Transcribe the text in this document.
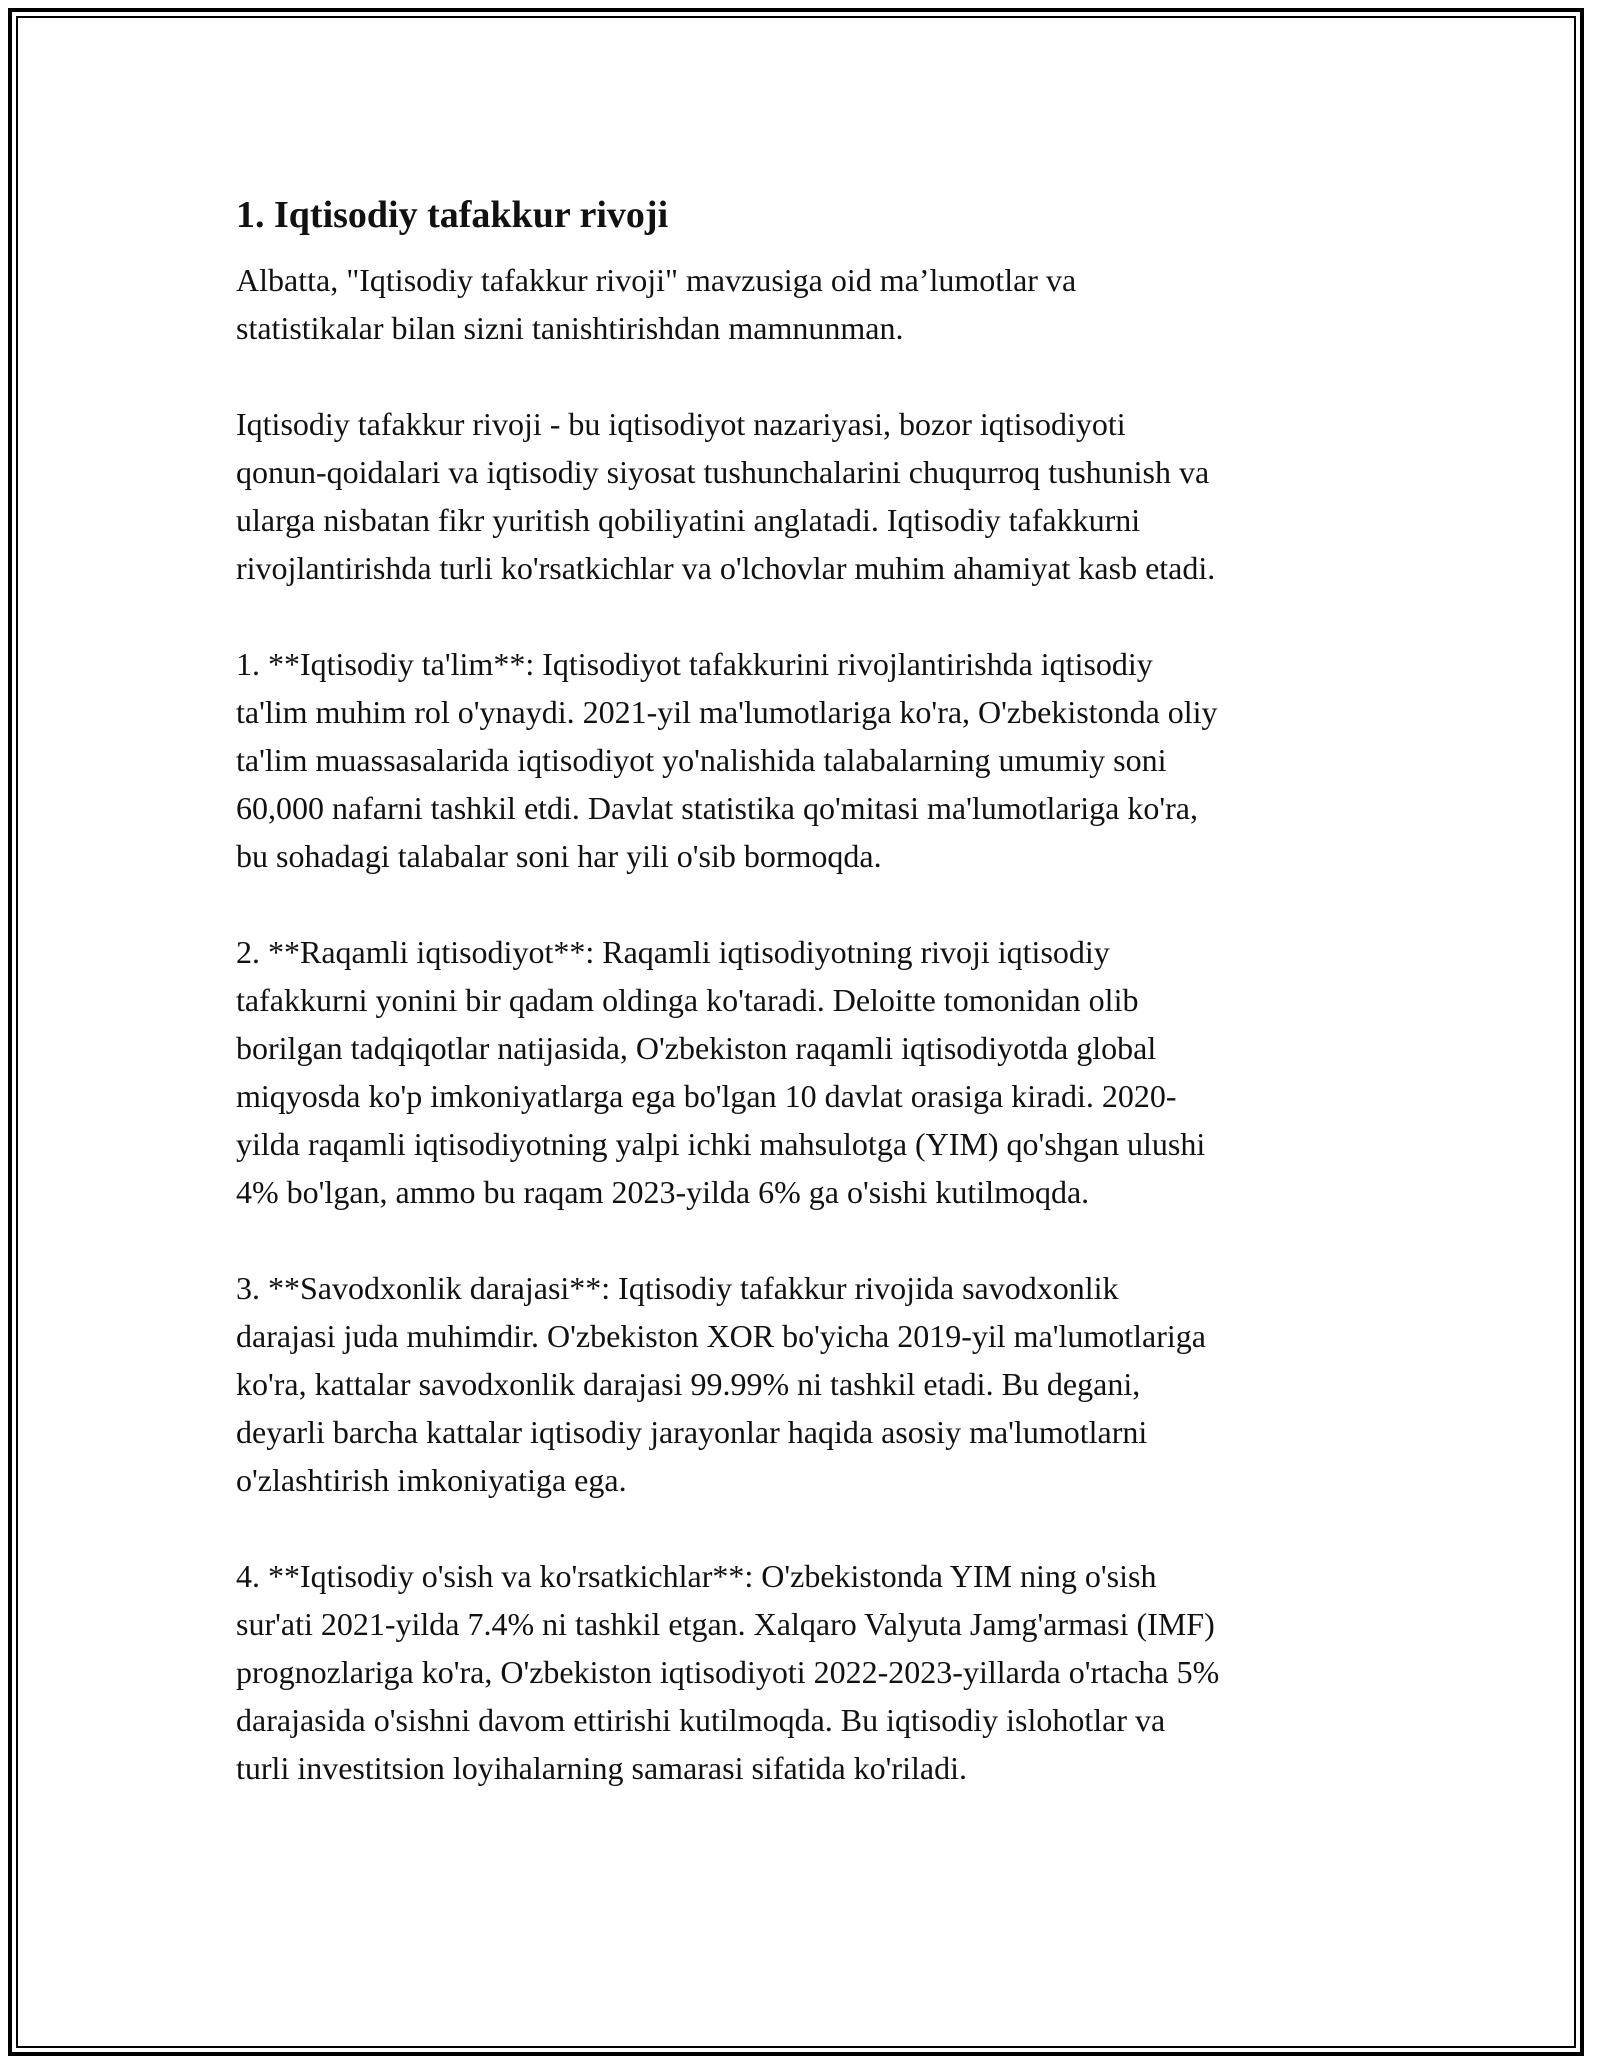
1. Iqtisodiy tafakkur rivoji

Albatta, "Iqtisodiy tafakkur rivoji" mavzusiga oid ma’lumotlar va
statistikalar bilan sizni tanishtirishdan mamnunman.

Iqtisodiy tafakkur rivoji - bu iqtisodiyot nazariyasi, bozor iqtisodiyoti
qonun-qoidalari va iqtisodiy siyosat tushunchalarini chuqurroq tushunish va
ularga nisbatan fikr yuritish qobiliyatini anglatadi. Iqtisodiy tafakkurni
rivojlantirishda turli ko'rsatkichlar va o'lchovlar muhim ahamiyat kasb etadi.

1. **Iqtisodiy ta'lim**: Iqtisodiyot tafakkurini rivojlantirishda iqtisodiy
ta'lim muhim rol o'ynaydi. 2021-yil ma'lumotlariga ko'ra, O'zbekistonda oliy
ta'lim muassasalarida iqtisodiyot yo'nalishida talabalarning umumiy soni
60,000 nafarni tashkil etdi. Davlat statistika qo'mitasi ma'lumotlariga ko'ra,
bu sohadagi talabalar soni har yili o'sib bormoqda.

2. **Raqamli iqtisodiyot**: Raqamli iqtisodiyotning rivoji iqtisodiy
tafakkurni yonini bir qadam oldinga ko'taradi. Deloitte tomonidan olib
borilgan tadqiqotlar natijasida, O'zbekiston raqamli iqtisodiyotda global
miqyosda ko'p imkoniyatlarga ega bo'lgan 10 davlat orasiga kiradi. 2020-
yilda raqamli iqtisodiyotning yalpi ichki mahsulotga (YIM) qo'shgan ulushi
4% bo'lgan, ammo bu raqam 2023-yilda 6% ga o'sishi kutilmoqda.

3. **Savodxonlik darajasi**: Iqtisodiy tafakkur rivojida savodxonlik
darajasi juda muhimdir. O'zbekiston XOR bo'yicha 2019-yil ma'lumotlariga
ko'ra, kattalar savodxonlik darajasi 99.99% ni tashkil etadi. Bu degani,
deyarli barcha kattalar iqtisodiy jarayonlar haqida asosiy ma'lumotlarni
o'zlashtirish imkoniyatiga ega.

4. **Iqtisodiy o'sish va ko'rsatkichlar**: O'zbekistonda YIM ning o'sish
sur'ati 2021-yilda 7.4% ni tashkil etgan. Xalqaro Valyuta Jamg'armasi (IMF)
prognozlariga ko'ra, O'zbekiston iqtisodiyoti 2022-2023-yillarda o'rtacha 5%
darajasida o'sishni davom ettirishi kutilmoqda. Bu iqtisodiy islohotlar va
turli investitsion loyihalarning samarasi sifatida ko'riladi.
